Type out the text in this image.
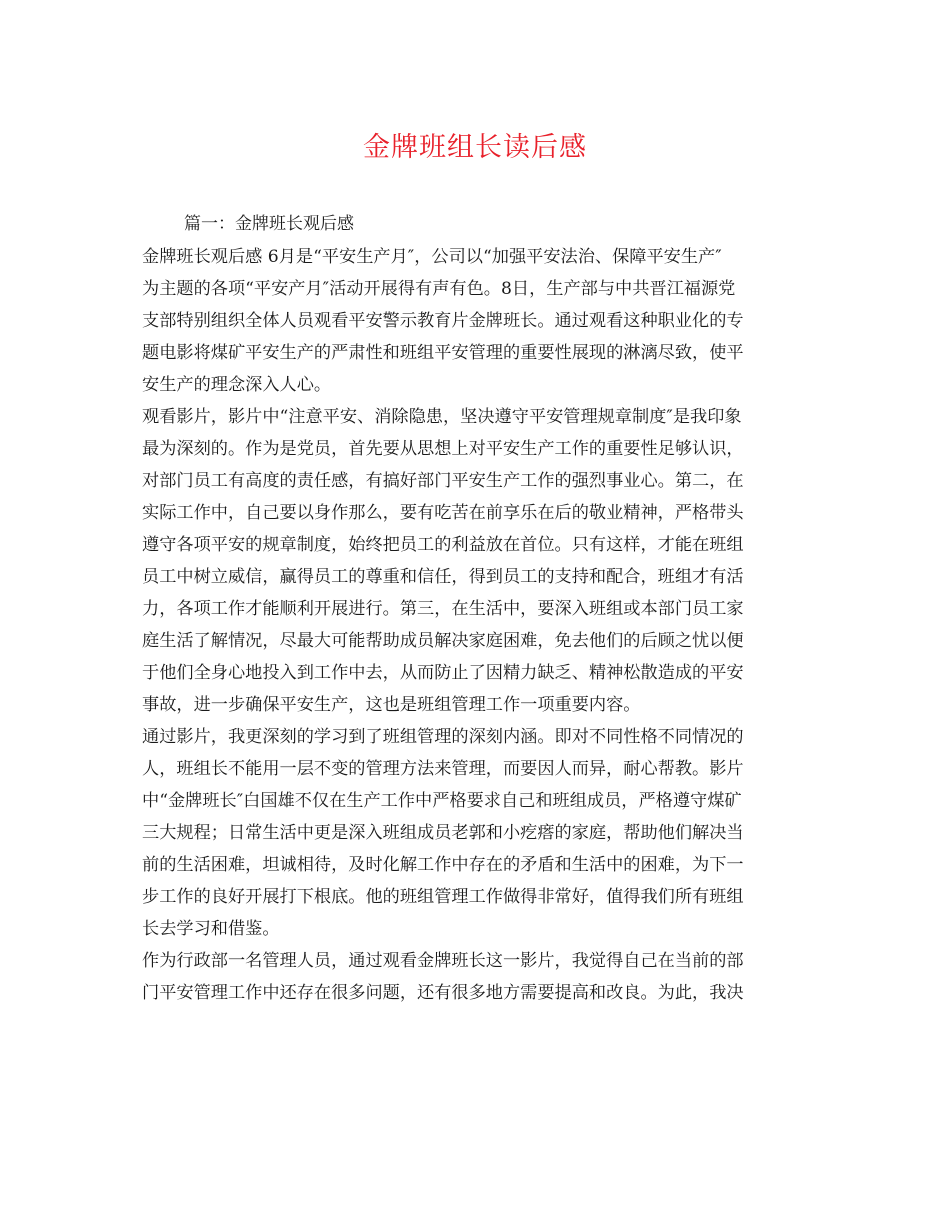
金牌班组长读后感
篇一：金牌班长观后感
金牌班长观后感 6月是“平安生产月″，公司以“加强平安法治、保障平安生产″
为主题的各项“平安产月″活动开展得有声有色。8日，生产部与中共晋江福源党
支部特别组织全体人员观看平安警示教育片金牌班长。通过观看这种职业化的专
题电影将煤矿平安生产的严肃性和班组平安管理的重要性展现的淋漓尽致，使平
安生产的理念深入人心。
观看影片，影片中“注意平安、消除隐患，坚决遵守平安管理规章制度″是我印象
最为深刻的。作为是党员，首先要从思想上对平安生产工作的重要性足够认识，
对部门员工有高度的责任感，有搞好部门平安生产工作的强烈事业心。第二，在
实际工作中，自己要以身作那么，要有吃苦在前享乐在后的敬业精神，严格带头
遵守各项平安的规章制度，始终把员工的利益放在首位。只有这样，才能在班组
员工中树立威信，赢得员工的尊重和信任，得到员工的支持和配合，班组才有活
力，各项工作才能顺利开展进行。第三，在生活中，要深入班组或本部门员工家
庭生活了解情况，尽最大可能帮助成员解决家庭困难，免去他们的后顾之忧以便
于他们全身心地投入到工作中去，从而防止了因精力缺乏、精神松散造成的平安
事故，进一步确保平安生产，这也是班组管理工作一项重要内容。
通过影片，我更深刻的学习到了班组管理的深刻内涵。即对不同性格不同情况的
人，班组长不能用一层不变的管理方法来管理，而要因人而异，耐心帮教。影片
中“金牌班长″白国雄不仅在生产工作中严格要求自己和班组成员，严格遵守煤矿
三大规程；日常生活中更是深入班组成员老郭和小疙瘩的家庭，帮助他们解决当
前的生活困难，坦诚相待，及时化解工作中存在的矛盾和生活中的困难，为下一
步工作的良好开展打下根底。他的班组管理工作做得非常好，值得我们所有班组
长去学习和借鉴。
作为行政部一名管理人员，通过观看金牌班长这一影片，我觉得自己在当前的部
门平安管理工作中还存在很多问题，还有很多地方需要提高和改良。为此，我决
